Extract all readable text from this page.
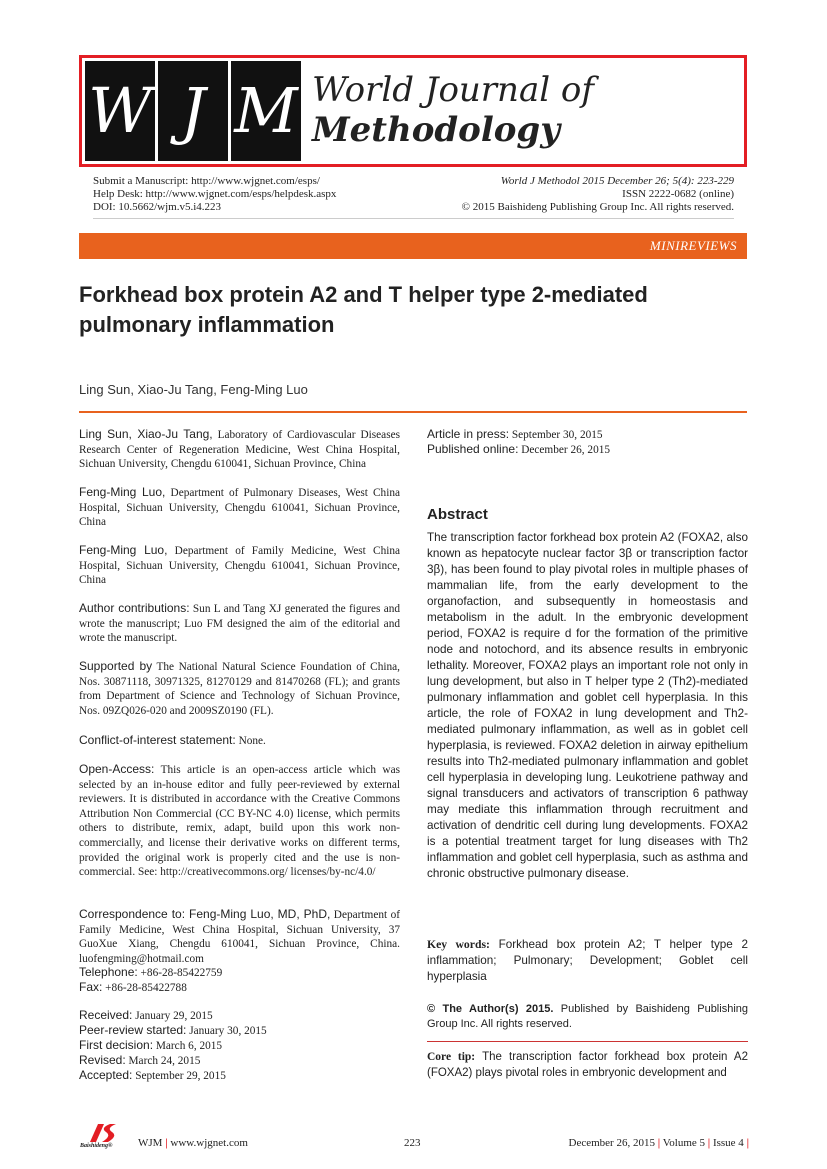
W J M World Journal of
Methodology
Submit a Manuscript: http://www.wjgnet.com/esps/
Help Desk: http://www.wjgnet.com/esps/helpdesk.aspx
DOI: 10.5662/wjm.v5.i4.223
World J Methodol 2015 December 26; 5(4): 223-229
ISSN 2222-0682 (online)
© 2015 Baishideng Publishing Group Inc. All rights reserved.
MINIREVIEWS
Forkhead box protein A2 and T helper type 2-mediated pulmonary inflammation
Ling Sun, Xiao-Ju Tang, Feng-Ming Luo
Ling Sun, Xiao-Ju Tang, Laboratory of Cardiovascular Diseases Research Center of Regeneration Medicine, West China Hospital, Sichuan University, Chengdu 610041, Sichuan Province, China
Feng-Ming Luo, Department of Pulmonary Diseases, West China Hospital, Sichuan University, Chengdu 610041, Sichuan Province, China
Feng-Ming Luo, Department of Family Medicine, West China Hospital, Sichuan University, Chengdu 610041, Sichuan Province, China
Author contributions: Sun L and Tang XJ generated the figures and wrote the manuscript; Luo FM designed the aim of the editorial and wrote the manuscript.
Supported by The National Natural Science Foundation of China, Nos. 30871118, 30971325, 81270129 and 81470268 (FL); and grants from Department of Science and Technology of Sichuan Province, Nos. 09ZQ026-020 and 2009SZ0190 (FL).
Conflict-of-interest statement: None.
Open-Access: This article is an open-access article which was selected by an in-house editor and fully peer-reviewed by external reviewers. It is distributed in accordance with the Creative Commons Attribution Non Commercial (CC BY-NC 4.0) license, which permits others to distribute, remix, adapt, build upon this work non-commercially, and license their derivative works on different terms, provided the original work is properly cited and the use is non-commercial. See: http://creativecommons.org/ licenses/by-nc/4.0/
Correspondence to: Feng-Ming Luo, MD, PhD, Department of Family Medicine, West China Hospital, Sichuan University, 37 GuoXue Xiang, Chengdu 610041, Sichuan Province, China. luofengming@hotmail.com
Telephone: +86-28-85422759
Fax: +86-28-85422788
Received: January 29, 2015
Peer-review started: January 30, 2015
First decision: March 6, 2015
Revised: March 24, 2015
Accepted: September 29, 2015
Article in press: September 30, 2015
Published online: December 26, 2015
Abstract
The transcription factor forkhead box protein A2 (FOXA2, also known as hepatocyte nuclear factor 3β or transcription factor 3β), has been found to play pivotal roles in multiple phases of mammalian life, from the early development to the organofaction, and subsequently in homeostasis and metabolism in the adult. In the embryonic development period, FOXA2 is require d for the formation of the primitive node and notochord, and its absence results in embryonic lethality. Moreover, FOXA2 plays an important role not only in lung development, but also in T helper type 2 (Th2)-mediated pulmonary inflammation and goblet cell hyperplasia. In this article, the role of FOXA2 in lung development and Th2-mediated pulmonary inflammation, as well as in goblet cell hyperplasia, is reviewed. FOXA2 deletion in airway epithelium results into Th2-mediated pulmonary inflammation and goblet cell hyperplasia in developing lung. Leukotriene pathway and signal transducers and activators of transcription 6 pathway may mediate this inflammation through recruitment and activation of dendritic cell during lung developments. FOXA2 is a potential treatment target for lung diseases with Th2 inflammation and goblet cell hyperplasia, such as asthma and chronic obstructive pulmonary disease.
Key words: Forkhead box protein A2; T helper type 2 inflammation; Pulmonary; Development; Goblet cell hyperplasia
© The Author(s) 2015. Published by Baishideng Publishing Group Inc. All rights reserved.
Core tip: The transcription factor forkhead box protein A2 (FOXA2) plays pivotal roles in embryonic development and
Baishideng® WJM | www.wjgnet.com	223	December 26, 2015 | Volume 5 | Issue 4 |
